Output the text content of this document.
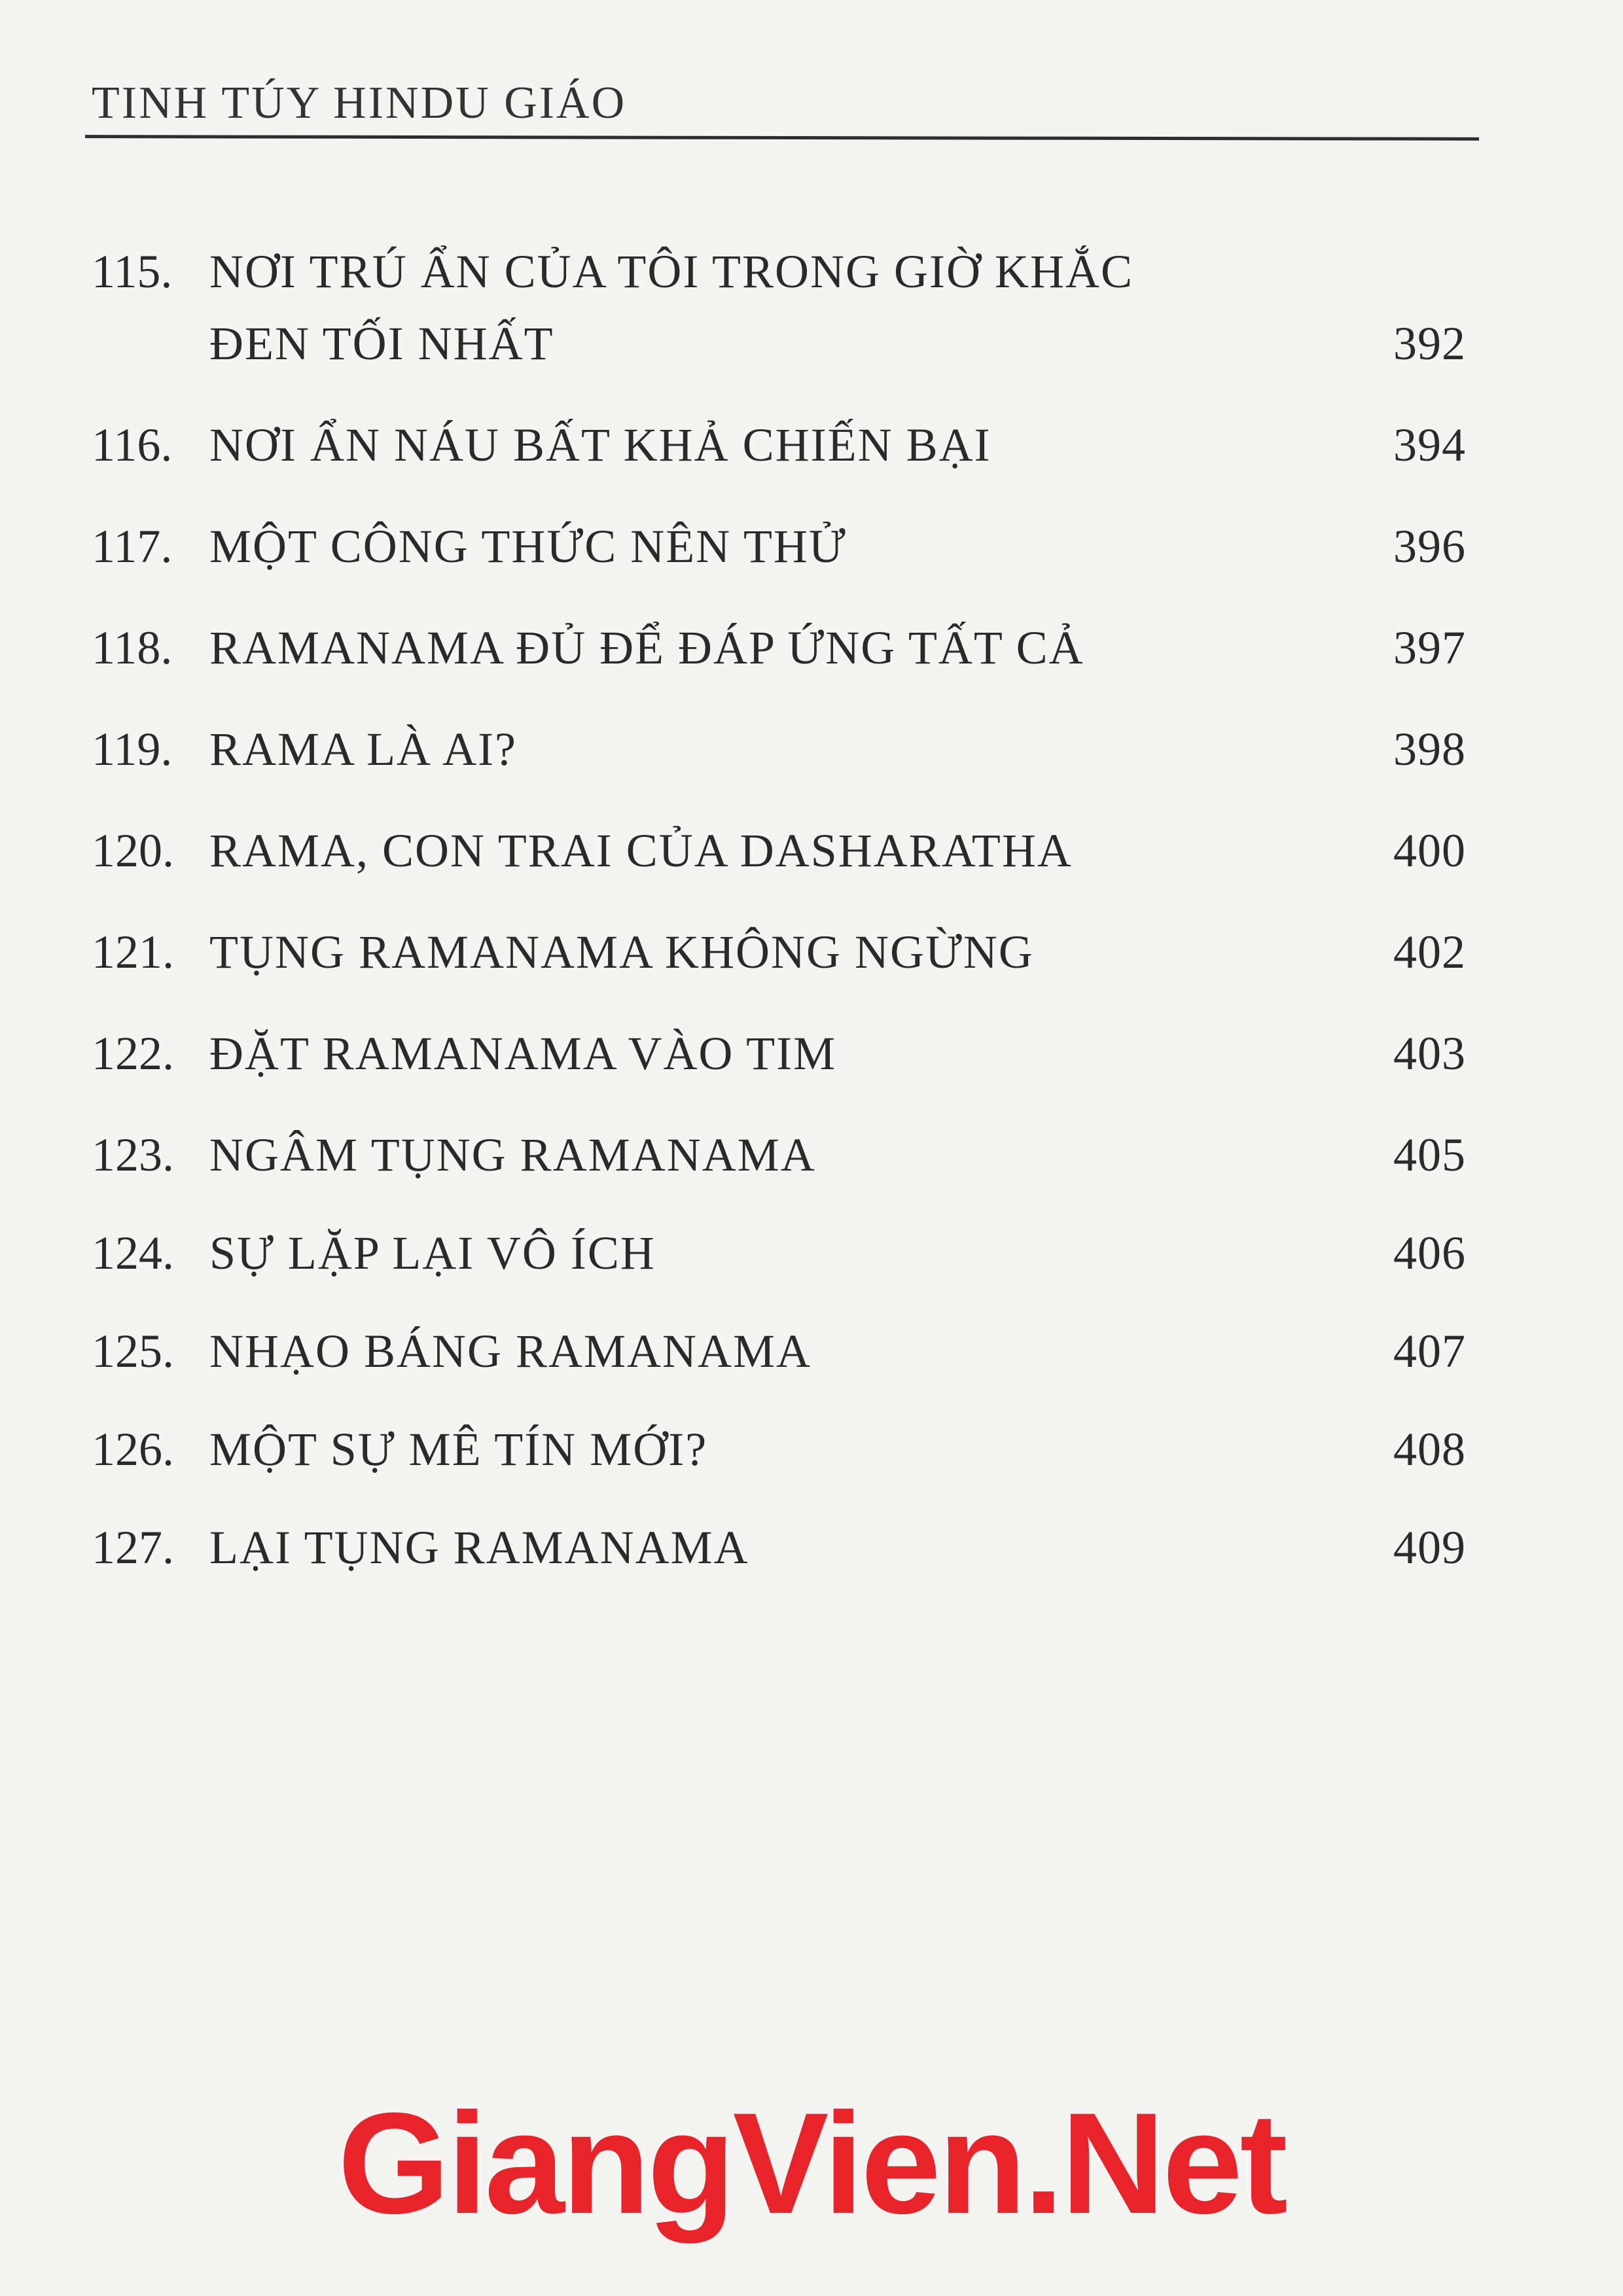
TINH TÚY HINDU GIÁO
115. NƠI TRÚ ẨN CỦA TÔI TRONG GIỜ KHẮC
ĐEN TỐI NHẤT	392
116. NƠI ẨN NÁU BẤT KHẢ CHIẾN BẠI	394
117. MỘT CÔNG THỨC NÊN THỬ	396
118. RAMANAMA ĐỦ ĐỂ ĐÁP ỨNG TẤT CẢ	397
119. RAMA LÀ AI?	398
120. RAMA, CON TRAI CỦA DASHARATHA	400
121. TỤNG RAMANAMA KHÔNG NGỪNG	402
122. ĐẶT RAMANAMA VÀO TIM	403
123. NGÂM TỤNG RAMANAMA	405
124. SỰ LẶP LẠI VÔ ÍCH	406
125. NHẠO BÁNG RAMANAMA	407
126. MỘT SỰ MÊ TÍN MỚI?	408
127. LẠI TỤNG RAMANAMA	409
GiangVien.Net
